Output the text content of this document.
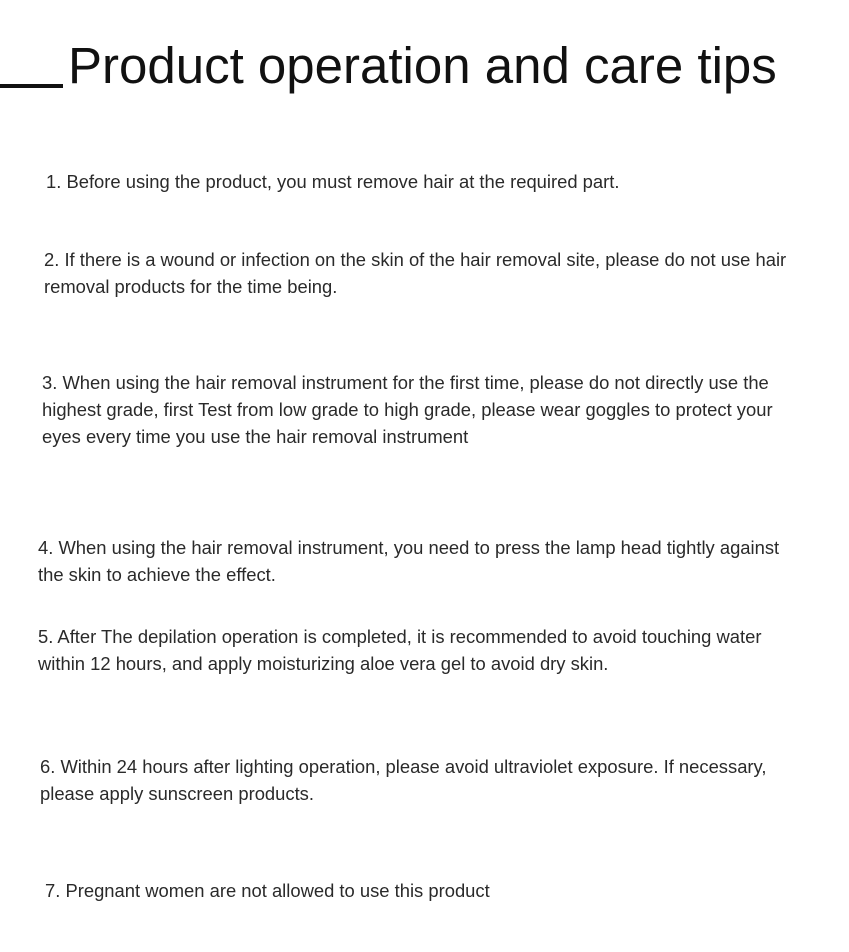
Product operation and care tips

1. Before using the product, you must remove hair at the required part.

2. If there is a wound or infection on the skin of the hair removal site, please do not use hair removal products for the time being.

3. When using the hair removal instrument for the first time, please do not directly use the highest grade, first Test from low grade to high grade, please wear goggles to protect your eyes every time you use the hair removal instrument

4. When using the hair removal instrument, you need to press the lamp head tightly against the skin to achieve the effect.

5. After The depilation operation is completed, it is recommended to avoid touching water within 12 hours, and apply moisturizing aloe vera gel to avoid dry skin.

6. Within 24 hours after lighting operation, please avoid ultraviolet exposure. If necessary, please apply sunscreen products.

7. Pregnant women are not allowed to use this product
